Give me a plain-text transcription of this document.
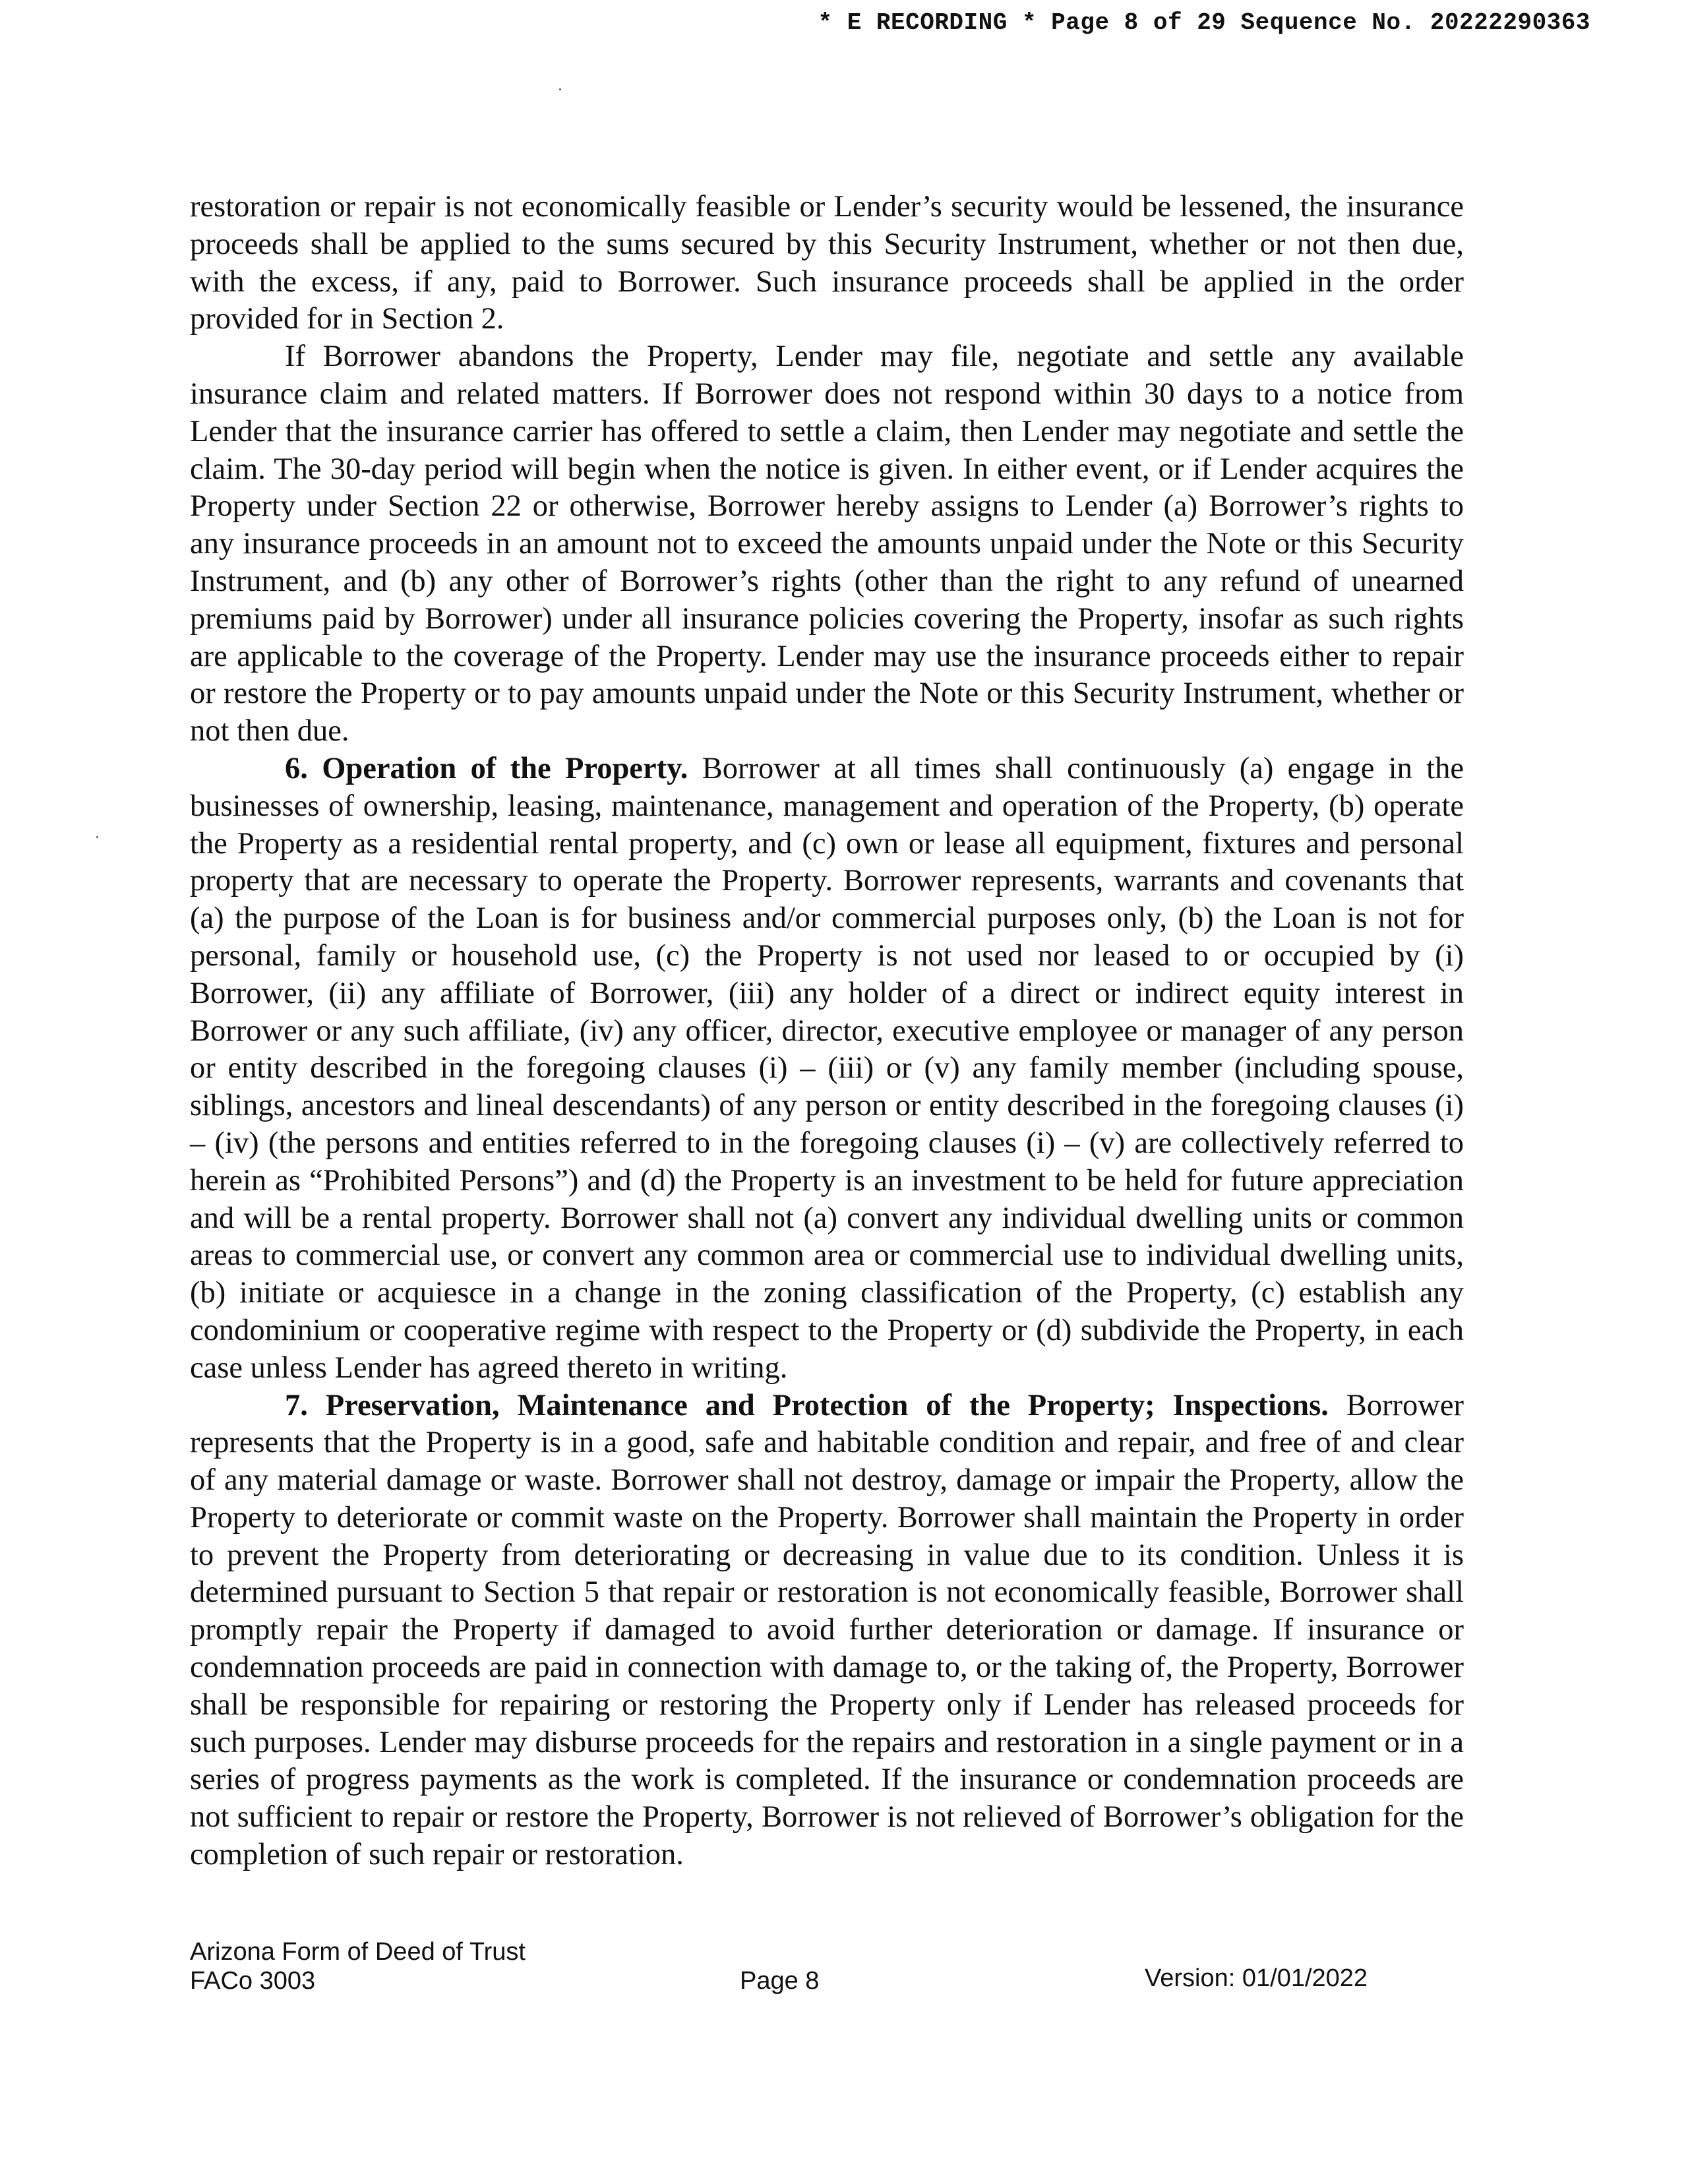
* E RECORDING * Page 8 of 29 Sequence No. 20222290363

restoration or repair is not economically feasible or Lender’s security would be lessened, the insurance proceeds shall be applied to the sums secured by this Security Instrument, whether or not then due, with the excess, if any, paid to Borrower. Such insurance proceeds shall be applied in the order provided for in Section 2.

If Borrower abandons the Property, Lender may file, negotiate and settle any available insurance claim and related matters. If Borrower does not respond within 30 days to a notice from Lender that the insurance carrier has offered to settle a claim, then Lender may negotiate and settle the claim. The 30-day period will begin when the notice is given. In either event, or if Lender acquires the Property under Section 22 or otherwise, Borrower hereby assigns to Lender (a) Borrower’s rights to any insurance proceeds in an amount not to exceed the amounts unpaid under the Note or this Security Instrument, and (b) any other of Borrower’s rights (other than the right to any refund of unearned premiums paid by Borrower) under all insurance policies covering the Property, insofar as such rights are applicable to the coverage of the Property. Lender may use the insurance proceeds either to repair or restore the Property or to pay amounts unpaid under the Note or this Security Instrument, whether or not then due.

6. Operation of the Property. Borrower at all times shall continuously (a) engage in the businesses of ownership, leasing, maintenance, management and operation of the Property, (b) operate the Property as a residential rental property, and (c) own or lease all equipment, fixtures and personal property that are necessary to operate the Property. Borrower represents, warrants and covenants that (a) the purpose of the Loan is for business and/or commercial purposes only, (b) the Loan is not for personal, family or household use, (c) the Property is not used nor leased to or occupied by (i) Borrower, (ii) any affiliate of Borrower, (iii) any holder of a direct or indirect equity interest in Borrower or any such affiliate, (iv) any officer, director, executive employee or manager of any person or entity described in the foregoing clauses (i) – (iii) or (v) any family member (including spouse, siblings, ancestors and lineal descendants) of any person or entity described in the foregoing clauses (i) – (iv) (the persons and entities referred to in the foregoing clauses (i) – (v) are collectively referred to herein as “Prohibited Persons”) and (d) the Property is an investment to be held for future appreciation and will be a rental property. Borrower shall not (a) convert any individual dwelling units or common areas to commercial use, or convert any common area or commercial use to individual dwelling units, (b) initiate or acquiesce in a change in the zoning classification of the Property, (c) establish any condominium or cooperative regime with respect to the Property or (d) subdivide the Property, in each case unless Lender has agreed thereto in writing.

7. Preservation, Maintenance and Protection of the Property; Inspections. Borrower represents that the Property is in a good, safe and habitable condition and repair, and free of and clear of any material damage or waste. Borrower shall not destroy, damage or impair the Property, allow the Property to deteriorate or commit waste on the Property. Borrower shall maintain the Property in order to prevent the Property from deteriorating or decreasing in value due to its condition. Unless it is determined pursuant to Section 5 that repair or restoration is not economically feasible, Borrower shall promptly repair the Property if damaged to avoid further deterioration or damage. If insurance or condemnation proceeds are paid in connection with damage to, or the taking of, the Property, Borrower shall be responsible for repairing or restoring the Property only if Lender has released proceeds for such purposes. Lender may disburse proceeds for the repairs and restoration in a single payment or in a series of progress payments as the work is completed. If the insurance or condemnation proceeds are not sufficient to repair or restore the Property, Borrower is not relieved of Borrower’s obligation for the completion of such repair or restoration.

Arizona Form of Deed of Trust
FACo 3003	Page 8	Version: 01/01/2022
